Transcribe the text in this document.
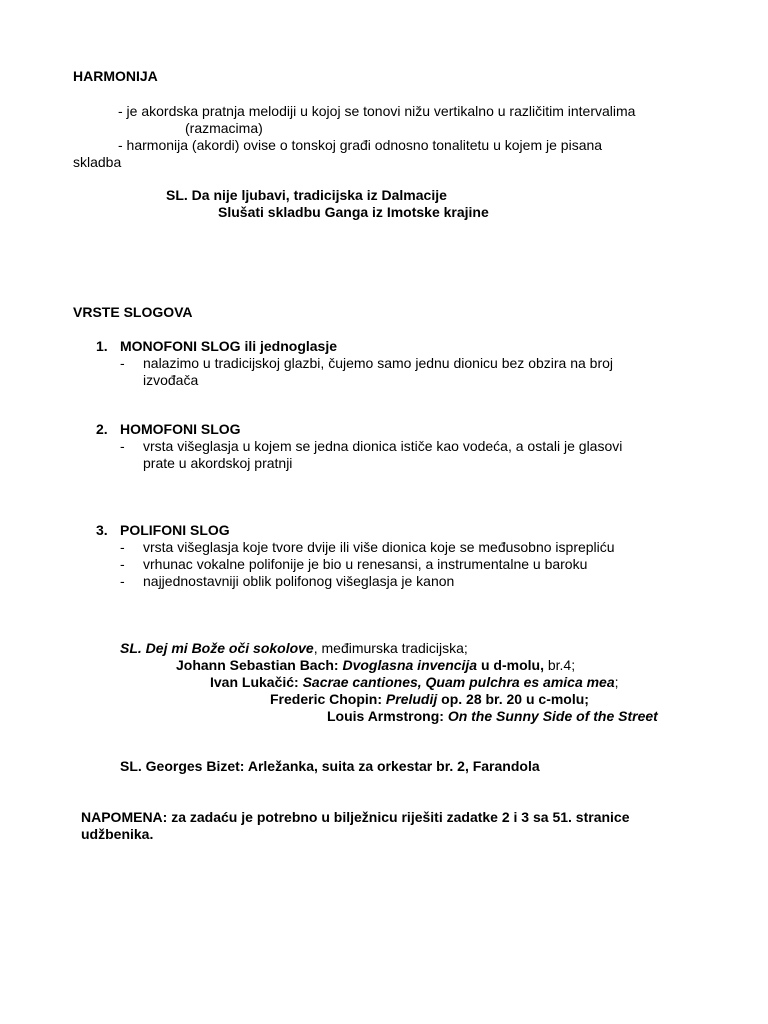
HARMONIJA
- je akordska pratnja melodiji u kojoj se tonovi nižu vertikalno u različitim intervalima
(razmacima)
- harmonija (akordi) ovise o tonskoj građi odnosno tonalitetu u kojem je pisana
skladba
SL. Da nije ljubavi, tradicijska iz Dalmacije
Slušati skladbu Ganga iz Imotske krajine
VRSTE SLOGOVA
1. MONOFONI SLOG ili jednoglasje
- nalazimo u tradicijskoj glazbi, čujemo samo jednu dionicu bez obzira na broj
izvođača
2. HOMOFONI SLOG
- vrsta višeglasja u kojem se jedna dionica ističe kao vodeća, a ostali je glasovi
prate u akordskoj pratnji
3. POLIFONI SLOG
- vrsta višeglasja koje tvore dvije ili više dionica koje se međusobno isprepliću
- vrhunac vokalne polifonije je bio u renesansi, a instrumentalne u baroku
- najjednostavniji oblik polifonog višeglasja je kanon
SL. Dej mi Bože oči sokolove, međimurska tradicijska;
Johann Sebastian Bach: Dvoglasna invencija u d-molu, br.4;
Ivan Lukačić: Sacrae cantiones, Quam pulchra es amica mea;
Frederic Chopin: Preludij op. 28 br. 20 u c-molu;
Louis Armstrong: On the Sunny Side of the Street
SL. Georges Bizet: Arležanka, suita za orkestar br. 2, Farandola
NAPOMENA: za zadaću je potrebno u bilježnicu riješiti zadatke 2 i 3 sa 51. stranice
udžbenika.
